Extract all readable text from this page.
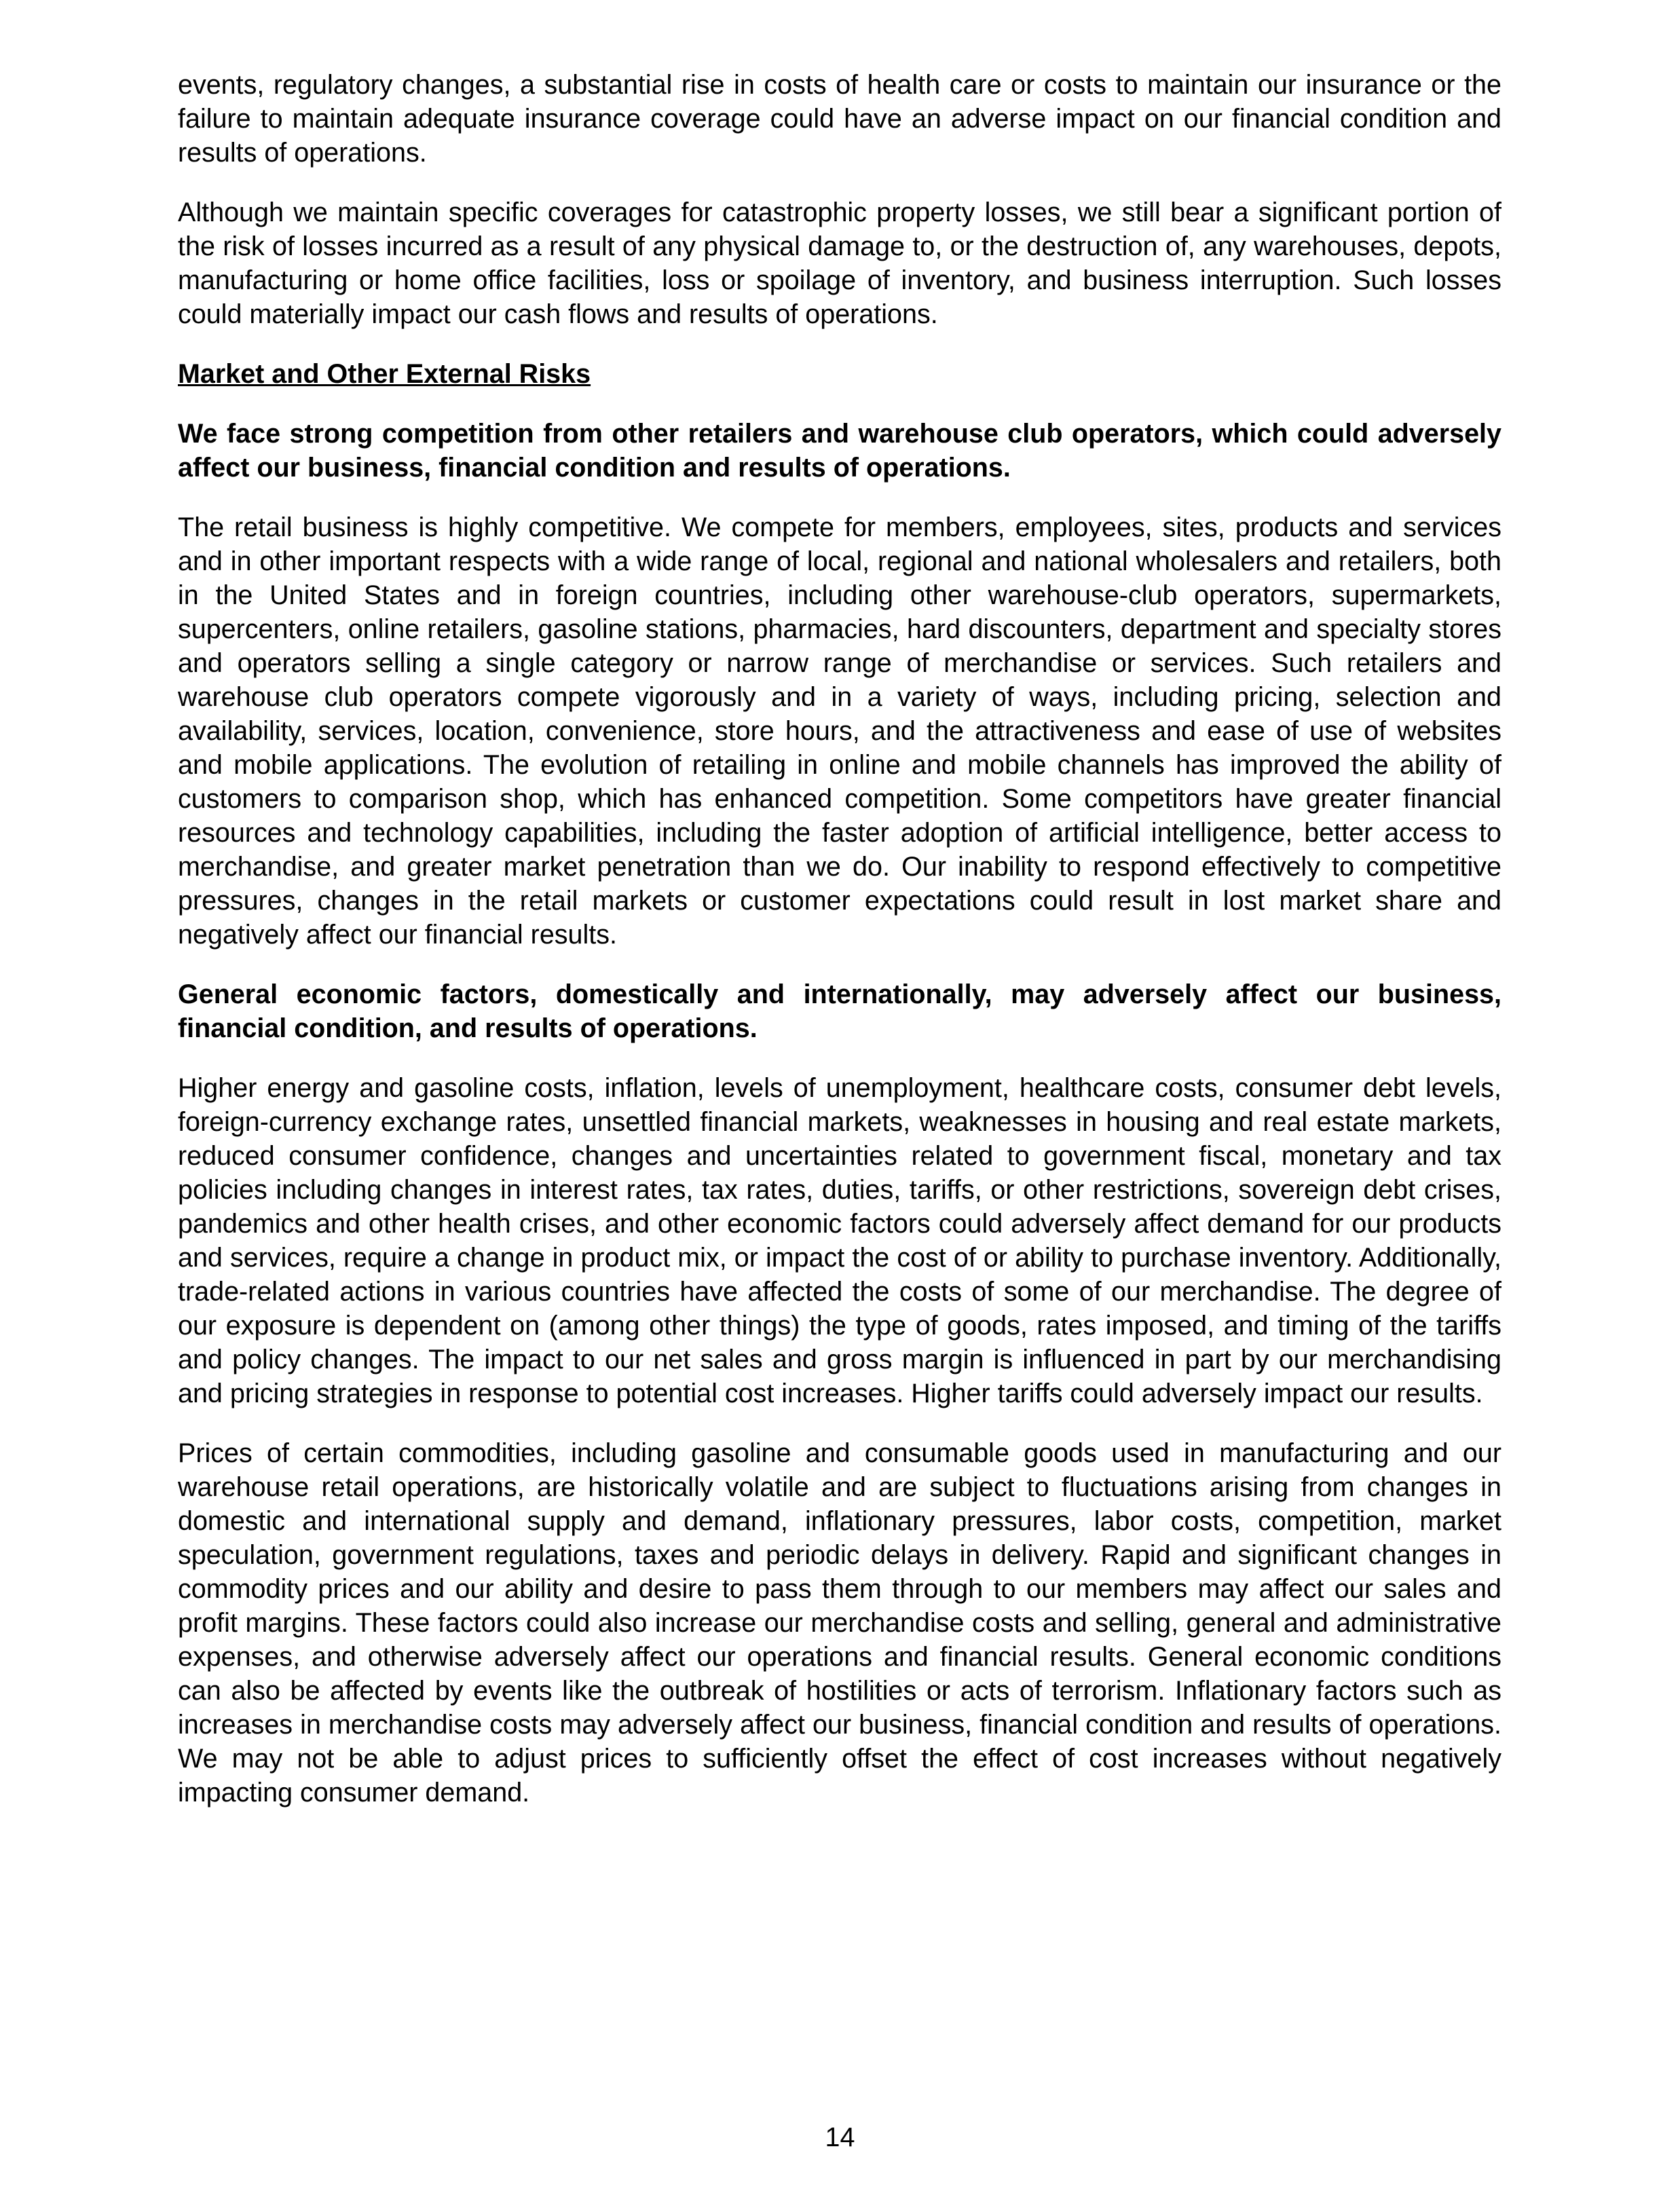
events, regulatory changes, a substantial rise in costs of health care or costs to maintain our insurance or the failure to maintain adequate insurance coverage could have an adverse impact on our financial condition and results of operations.

Although we maintain specific coverages for catastrophic property losses, we still bear a significant portion of the risk of losses incurred as a result of any physical damage to, or the destruction of, any warehouses, depots, manufacturing or home office facilities, loss or spoilage of inventory, and business interruption. Such losses could materially impact our cash flows and results of operations.

Market and Other External Risks

We face strong competition from other retailers and warehouse club operators, which could adversely affect our business, financial condition and results of operations.

The retail business is highly competitive. We compete for members, employees, sites, products and services and in other important respects with a wide range of local, regional and national wholesalers and retailers, both in the United States and in foreign countries, including other warehouse-club operators, supermarkets, supercenters, online retailers, gasoline stations, pharmacies, hard discounters, department and specialty stores and operators selling a single category or narrow range of merchandise or services. Such retailers and warehouse club operators compete vigorously and in a variety of ways, including pricing, selection and availability, services, location, convenience, store hours, and the attractiveness and ease of use of websites and mobile applications. The evolution of retailing in online and mobile channels has improved the ability of customers to comparison shop, which has enhanced competition. Some competitors have greater financial resources and technology capabilities, including the faster adoption of artificial intelligence, better access to merchandise, and greater market penetration than we do. Our inability to respond effectively to competitive pressures, changes in the retail markets or customer expectations could result in lost market share and negatively affect our financial results.

General economic factors, domestically and internationally, may adversely affect our business, financial condition, and results of operations.

Higher energy and gasoline costs, inflation, levels of unemployment, healthcare costs, consumer debt levels, foreign-currency exchange rates, unsettled financial markets, weaknesses in housing and real estate markets, reduced consumer confidence, changes and uncertainties related to government fiscal, monetary and tax policies including changes in interest rates, tax rates, duties, tariffs, or other restrictions, sovereign debt crises, pandemics and other health crises, and other economic factors could adversely affect demand for our products and services, require a change in product mix, or impact the cost of or ability to purchase inventory. Additionally, trade-related actions in various countries have affected the costs of some of our merchandise. The degree of our exposure is dependent on (among other things) the type of goods, rates imposed, and timing of the tariffs and policy changes. The impact to our net sales and gross margin is influenced in part by our merchandising and pricing strategies in response to potential cost increases. Higher tariffs could adversely impact our results.

Prices of certain commodities, including gasoline and consumable goods used in manufacturing and our warehouse retail operations, are historically volatile and are subject to fluctuations arising from changes in domestic and international supply and demand, inflationary pressures, labor costs, competition, market speculation, government regulations, taxes and periodic delays in delivery. Rapid and significant changes in commodity prices and our ability and desire to pass them through to our members may affect our sales and profit margins. These factors could also increase our merchandise costs and selling, general and administrative expenses, and otherwise adversely affect our operations and financial results. General economic conditions can also be affected by events like the outbreak of hostilities or acts of terrorism. Inflationary factors such as increases in merchandise costs may adversely affect our business, financial condition and results of operations. We may not be able to adjust prices to sufficiently offset the effect of cost increases without negatively impacting consumer demand.

14
